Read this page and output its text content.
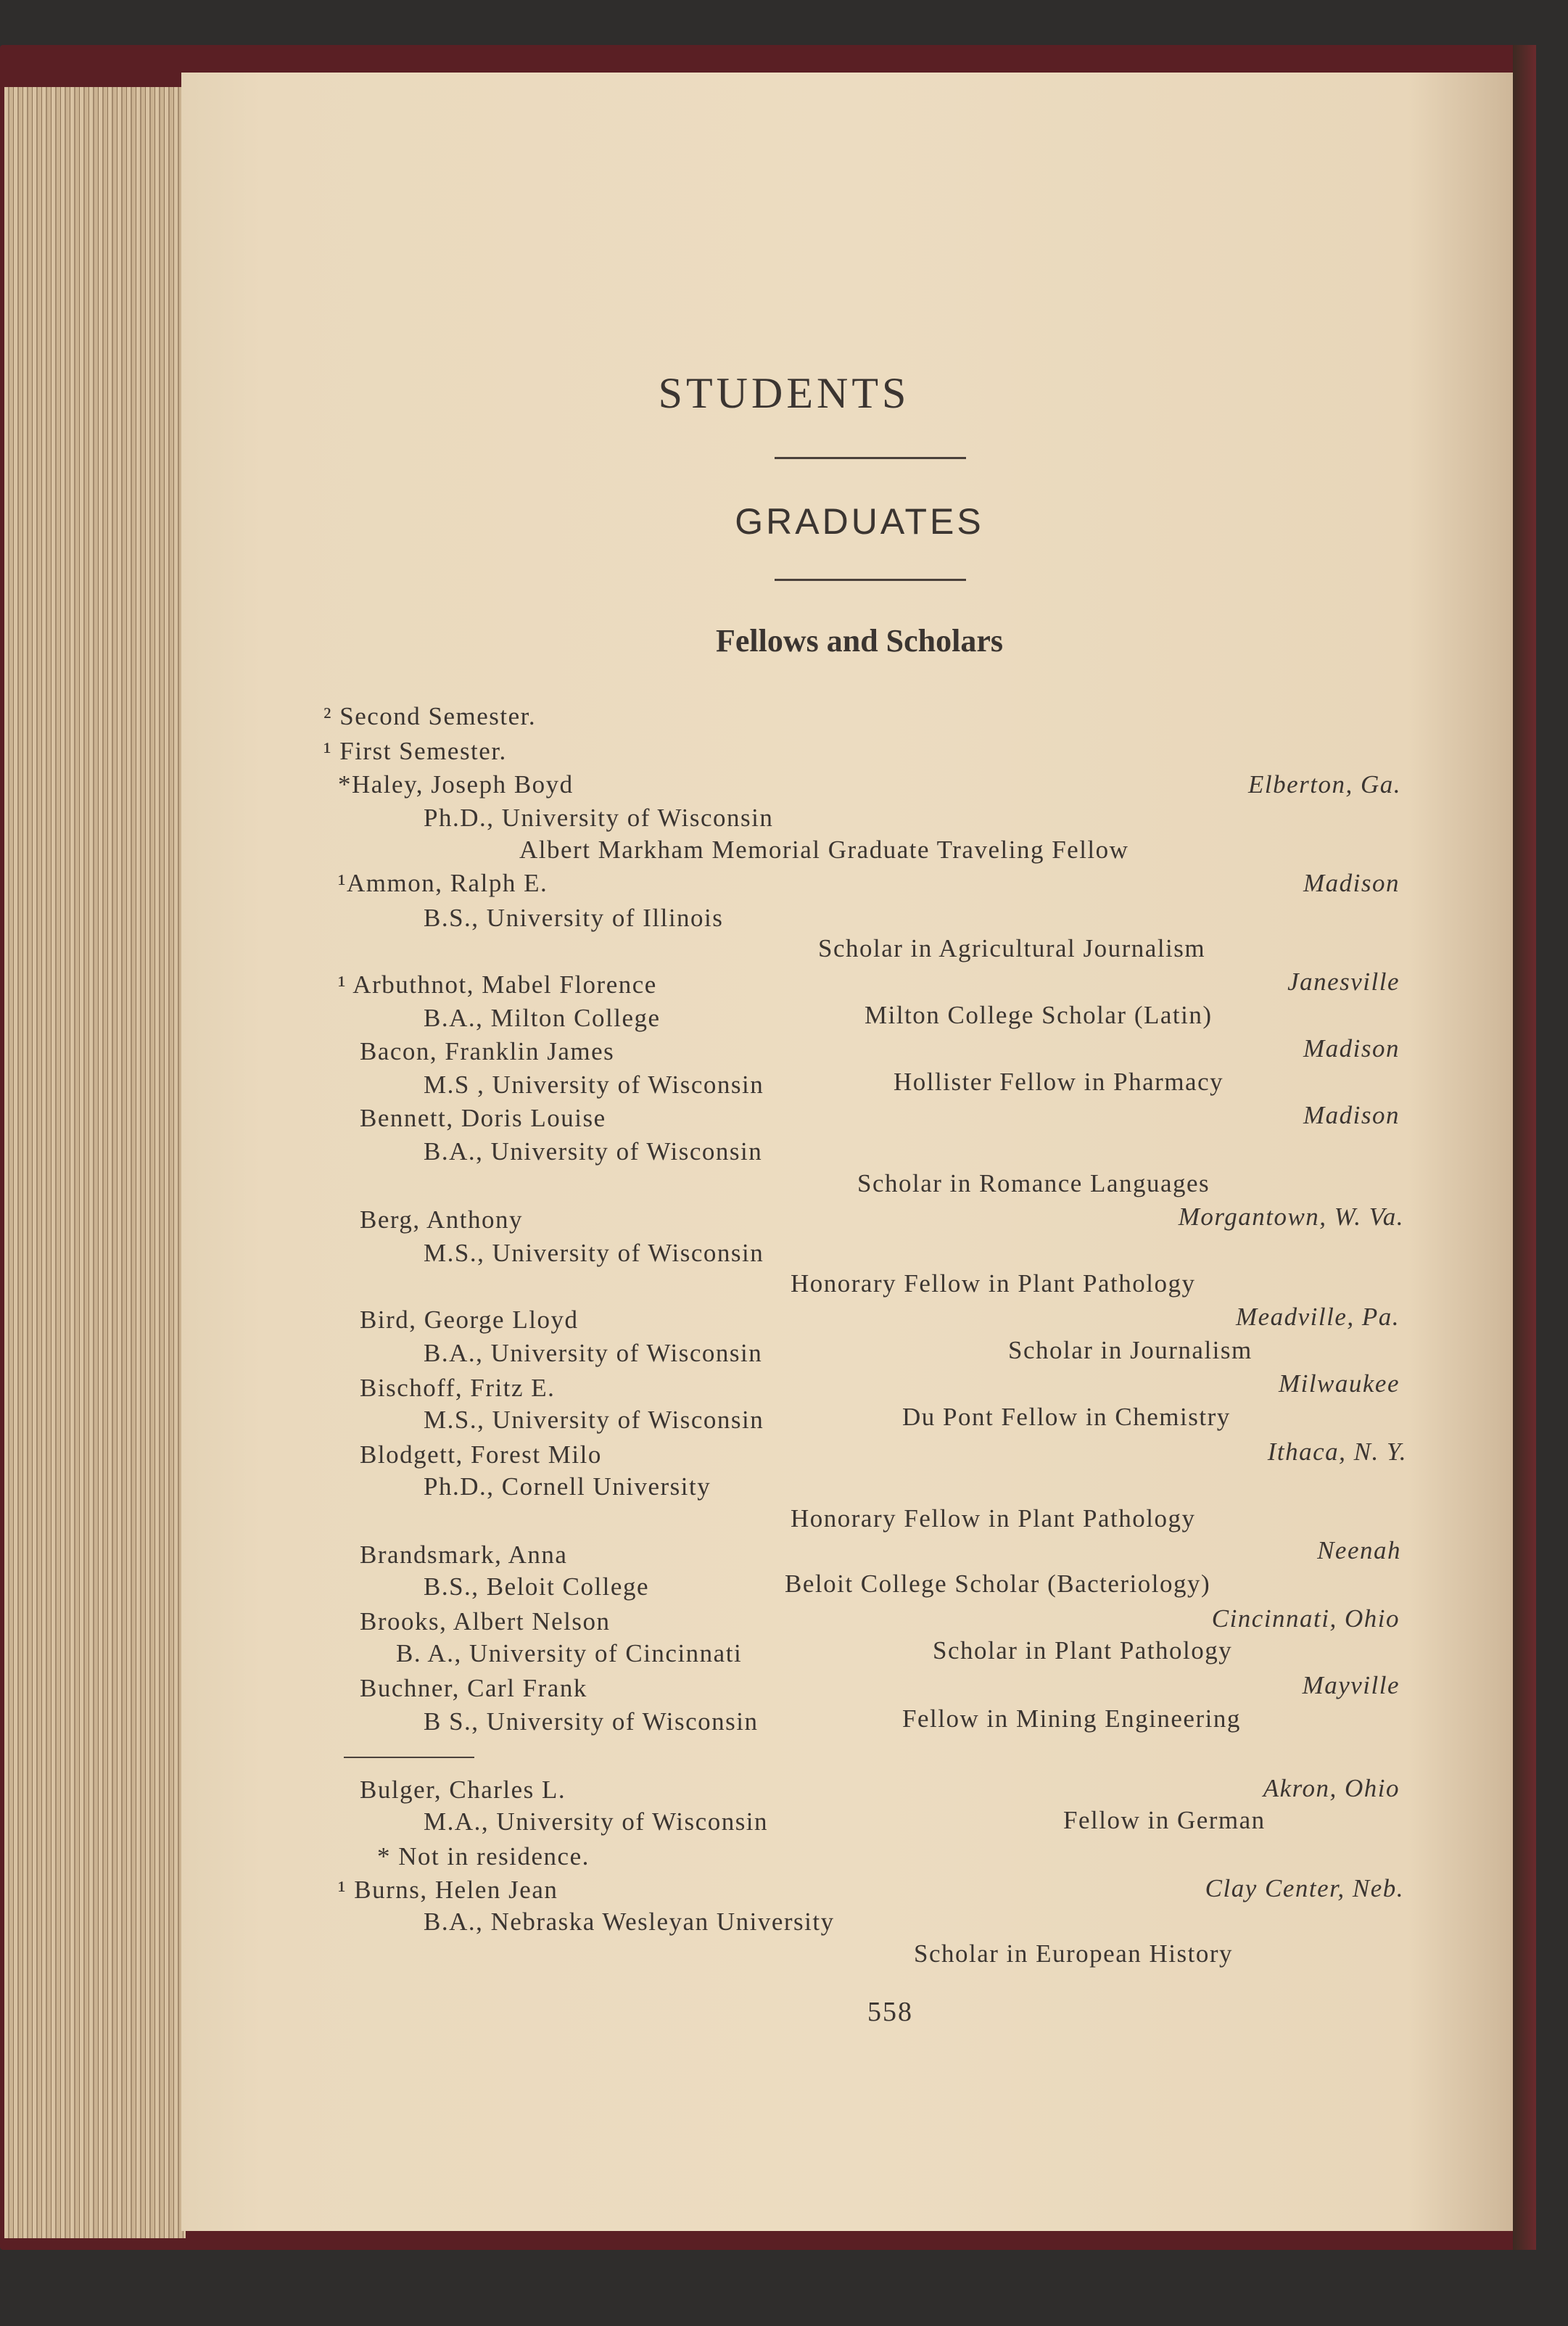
STUDENTS
GRADUATES
Fellows and Scholars
² Second Semester.
¹ First Semester.
*Haley, Joseph Boyd	Elberton, Ga.
Ph.D., University of Wisconsin
Albert Markham Memorial Graduate Traveling Fellow
¹Ammon, Ralph E.	Madison
B.S., University of Illinois
Scholar in Agricultural Journalism
¹ Arbuthnot, Mabel Florence	Janesville
B.A., Milton College	Milton College Scholar (Latin)
Bacon, Franklin James	Madison
M.S , University of Wisconsin	Hollister Fellow in Pharmacy
Bennett, Doris Louise	Madison
B.A., University of Wisconsin
Scholar in Romance Languages
Berg, Anthony	Morgantown, W. Va.
M.S., University of Wisconsin
Honorary Fellow in Plant Pathology
Bird, George Lloyd	Meadville, Pa.
B.A., University of Wisconsin	Scholar in Journalism
Bischoff, Fritz E.	Milwaukee
M.S., University of Wisconsin	Du Pont Fellow in Chemistry
Blodgett, Forest Milo	Ithaca, N. Y.
Ph.D., Cornell University
Honorary Fellow in Plant Pathology
Brandsmark, Anna	Neenah
B.S., Beloit College	Beloit College Scholar (Bacteriology)
Brooks, Albert Nelson	Cincinnati, Ohio
B. A., University of Cincinnati	Scholar in Plant Pathology
Buchner, Carl Frank	Mayville
B S., University of Wisconsin	Fellow in Mining Engineering
Bulger, Charles L.	Akron, Ohio
M.A., University of Wisconsin	Fellow in German
* Not in residence.
¹ Burns, Helen Jean	Clay Center, Neb.
B.A., Nebraska Wesleyan University
Scholar in European History
558
